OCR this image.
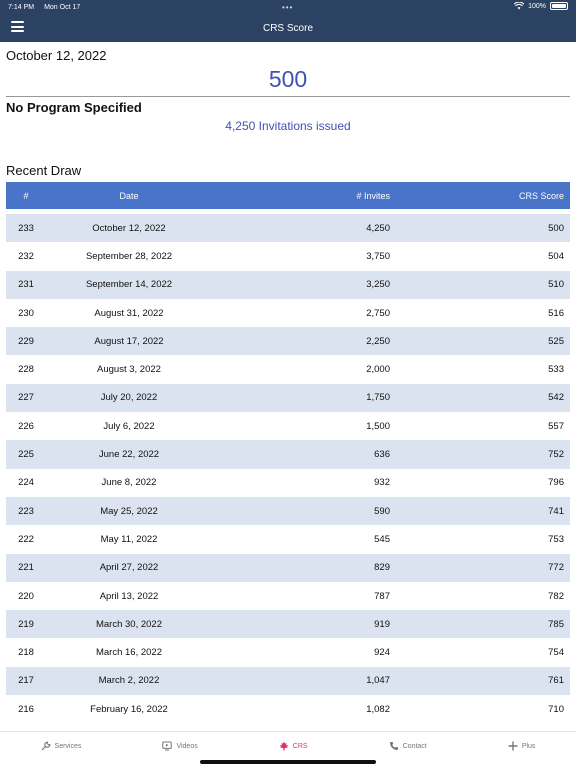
7:14 PM Mon Oct 17	•••	100%
CRS Score
October 12, 2022
500
No Program Specified
4,250 Invitations issued
Recent Draw
#	Date	# Invites	CRS Score
233	October 12, 2022	4,250	500
232	September 28, 2022	3,750	504
231	September 14, 2022	3,250	510
230	August 31, 2022	2,750	516
229	August 17, 2022	2,250	525
228	August 3, 2022	2,000	533
227	July 20, 2022	1,750	542
226	July 6, 2022	1,500	557
225	June 22, 2022	636	752
224	June 8, 2022	932	796
223	May 25, 2022	590	741
222	May 11, 2022	545	753
221	April 27, 2022	829	772
220	April 13, 2022	787	782
219	March 30, 2022	919	785
218	March 16, 2022	924	754
217	March 2, 2022	1,047	761
216	February 16, 2022	1,082	710
Services	Videos	CRS	Contact	Plus
